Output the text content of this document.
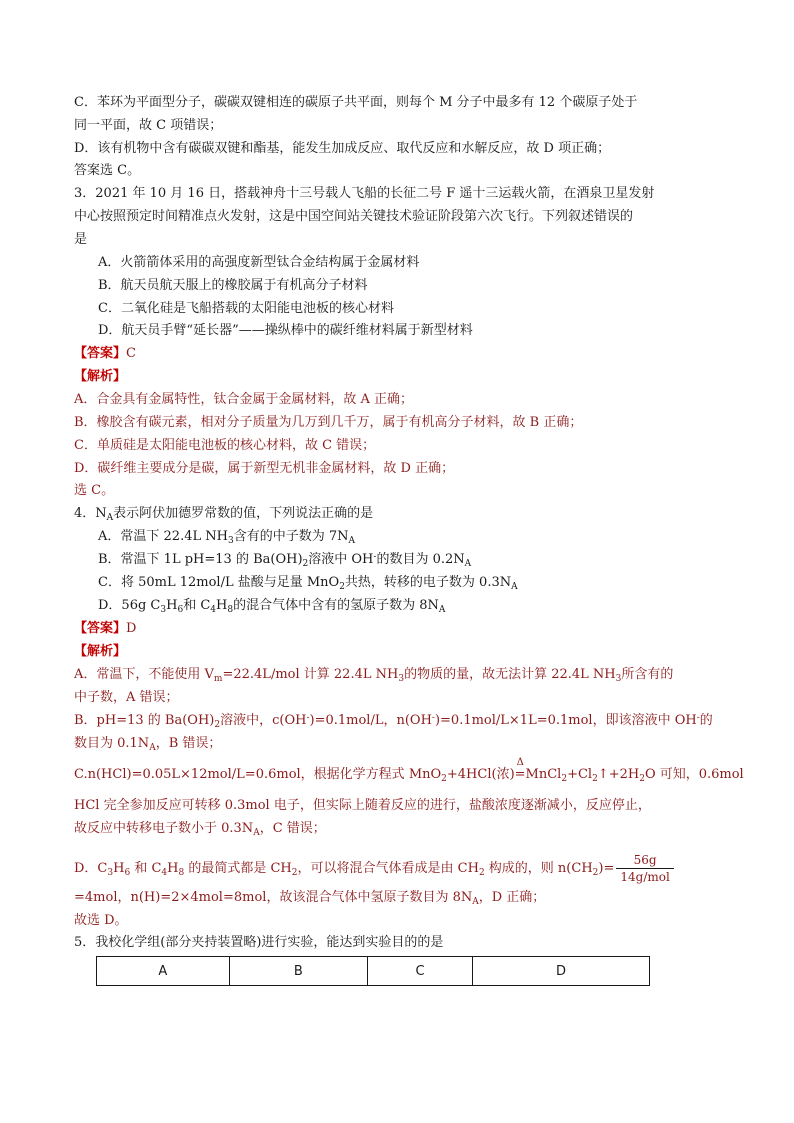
C．苯环为平面型分子，碳碳双键相连的碳原子共平面，则每个 M 分子中最多有 12 个碳原子处于
同一平面，故 C 项错误；
D．该有机物中含有碳碳双键和酯基，能发生加成反应、取代反应和水解反应，故 D 项正确；
答案选 C。
3．2021 年 10 月 16 日，搭载神舟十三号载人飞船的长征二号 F 遥十三运载火箭，在酒泉卫星发射
中心按照预定时间精准点火发射，这是中国空间站关键技术验证阶段第六次飞行。下列叙述错误的
是
A．火箭箭体采用的高强度新型钛合金结构属于金属材料
B．航天员航天服上的橡胶属于有机高分子材料
C．二氧化硅是飞船搭载的太阳能电池板的核心材料
D．航天员手臂“延长器”——操纵棒中的碳纤维材料属于新型材料
【答案】C
【解析】
A．合金具有金属特性，钛合金属于金属材料，故 A 正确；
B．橡胶含有碳元素，相对分子质量为几万到几千万，属于有机高分子材料，故 B 正确；
C．单质硅是太阳能电池板的核心材料，故 C 错误；
D．碳纤维主要成分是碳，属于新型无机非金属材料，故 D 正确；
选 C。
4．$N_A$表示阿伏加德罗常数的值，下列说法正确的是
A．常温下 22.4L $NH_3$含有的中子数为 $7N_A$
B．常温下 1L pH=13 的 $Ba(OH)_2$溶液中 OH-的数目为 $0.2N_A$
C．将 50mL 12mol/L 盐酸与足量 MnO$_2$共热，转移的电子数为 $0.3N_A$
D．56g $C_3H_6$和 $C_4H_8$的混合气体中含有的氢原子数为 $8N_A$
【答案】D
【解析】
A．常温下，不能使用 $V_m=22.4L$/mol 计算 22.4L $NH_3$的物质的量，故无法计算 22.4L $NH_3$所含有的
中子数，A 错误；
B．pH=13 的 $Ba(OH)_2$溶液中，c(OH-)=0.1mol/L，n(OH-)=0.1mol/L×1L=0.1mol，即该溶液中 OH-的
数目为 $0.1N_A$，B 错误；
C.n(HCl)=0.05L×12mol/L=0.6mol，根据化学方程式 MnO$_2$+4HCl(浓)
Δ
$=MnCl_2+Cl_2↑+2H_2O$ 可知，0.6mol
HCl 完全参加反应可转移 0.3mol 电子，但实际上随着反应的进行，盐酸浓度逐渐减小，反应停止，
故反应中转移电子数小于 $0.3N_A$，C 错误；
D．$C_3H_6$ 和 $C_4H_8$ 的最简式都是 $CH_2$，可以将混合气体看成是由 $CH_2$ 构成的，则 $n(CH_2)= \frac{56g}{\text{14g/mol}}$
=4mol，n(H)=2×4mol=8mol，故该混合气体中氢原子数目为 $8N_A$，D 正确；
故选 D。
5．我校化学组(部分夹持装置略)进行实验，能达到实验目的的是
A	B	C	D
